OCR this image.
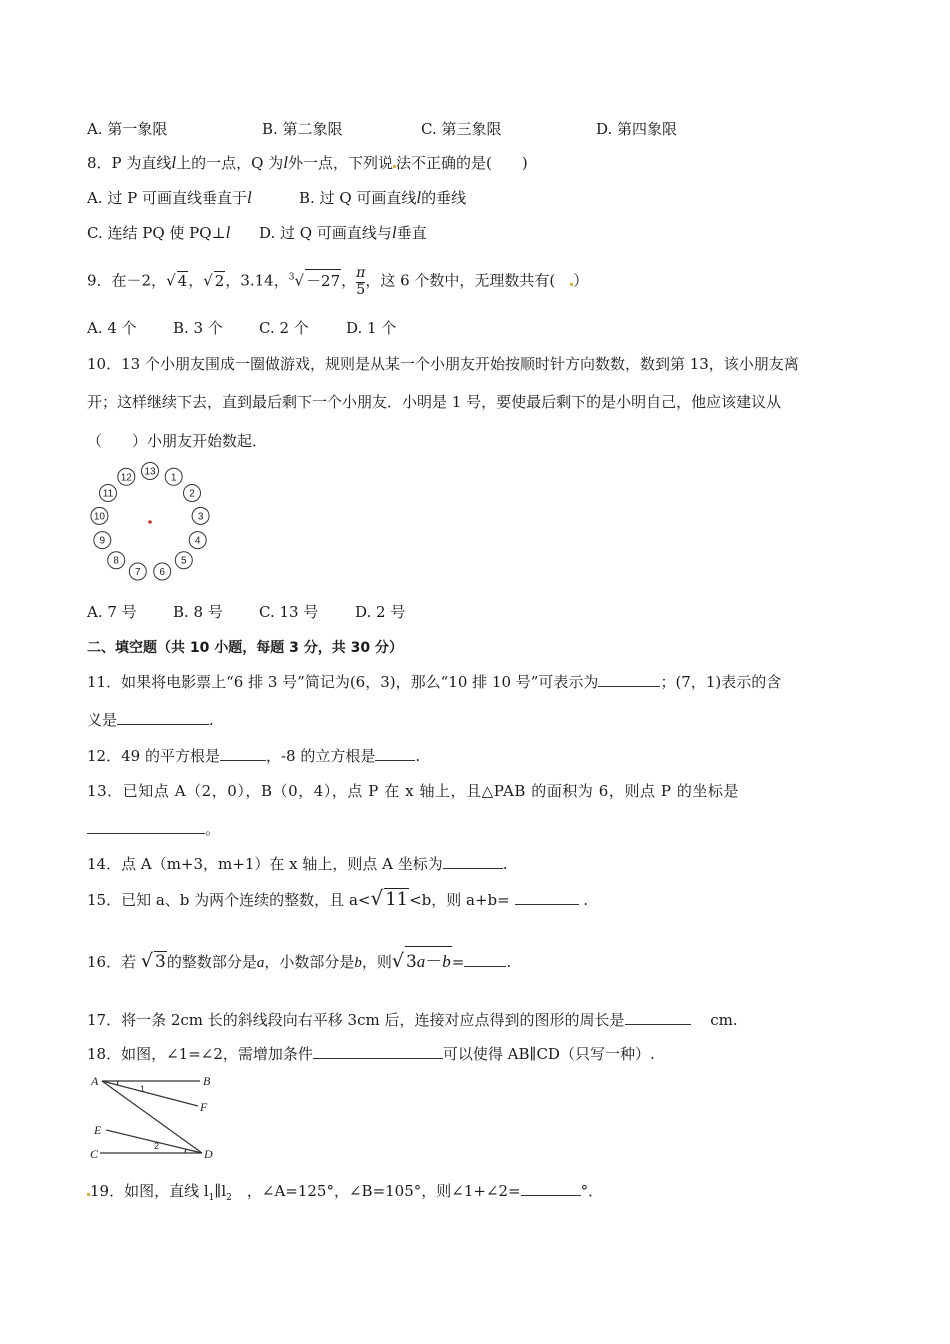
A. 第一象限	B. 第二象限	C. 第三象限	D. 第四象限
8．P 为直线l上的一点，Q 为l外一点，下列说 法不正确的是(　　)
A. 过 P 可画直线垂直于l	B. 过 Q 可画直线l的垂线
C. 连结 PQ 使 PQ⊥l D. 过 Q 可画直线与l垂直
9．在－2，√ 4，√ 2，3.14，$^3$√ －27， $\frac{\pi}{5}$ ，这 6 个数中，无理数共有(　）
A. 4 个 B. 3 个 C. 2 个 D. 1 个
10．13 个小朋友围成一圈做游戏，规则是从某一个小朋友开始按顺时针方向数数，数到第 13，该小朋友离
开；这样继续下去，直到最后剩下一个小朋友．小明是 1 号，要使最后剩下的是小明自己，他应该建议从
（　　）小朋友开始数起．
1
2
3
4
5
6
7
8
9
10
11
12
13
A. 7 号 B. 8 号 C. 13 号 D. 2 号
二、填空题（共 10 小题，每题 3 分，共 30 分）
11．如果将电影票上“6 排 3 号”简记为(6，3)，那么“10 排 10 号”可表示为	；(7，1)表示的含
义是	.
12．49 的平方根是	，-8 的立方根是	.
13．已知点 A（2，0），B（0，4），点 P 在 x 轴上，且△PAB 的面积为 6，则点 P 的坐标是
。
14．点 A（m+3，m+1）在 x 轴上，则点 A 坐标为	.
15．已知 a、b 为两个连续的整数，且 a<√ 11<b，则 a+b=	.
16．若 √ 3的整数部分是a，小数部分是b，则√ 3a－b=	.
17．将一条 2cm 长的斜线段向右平移 3cm 后，连接对应点得到的图形的周长是　	cm.
18．如图，∠1=∠2，需增加条件	可以使得 AB∥CD（只写一种）.
A	B
F
E
C	D
1
2
19．如图，直线 $l_1\parallel l_2$　 ，∠A=125°，∠B=105°，则∠1+∠2=	°．
